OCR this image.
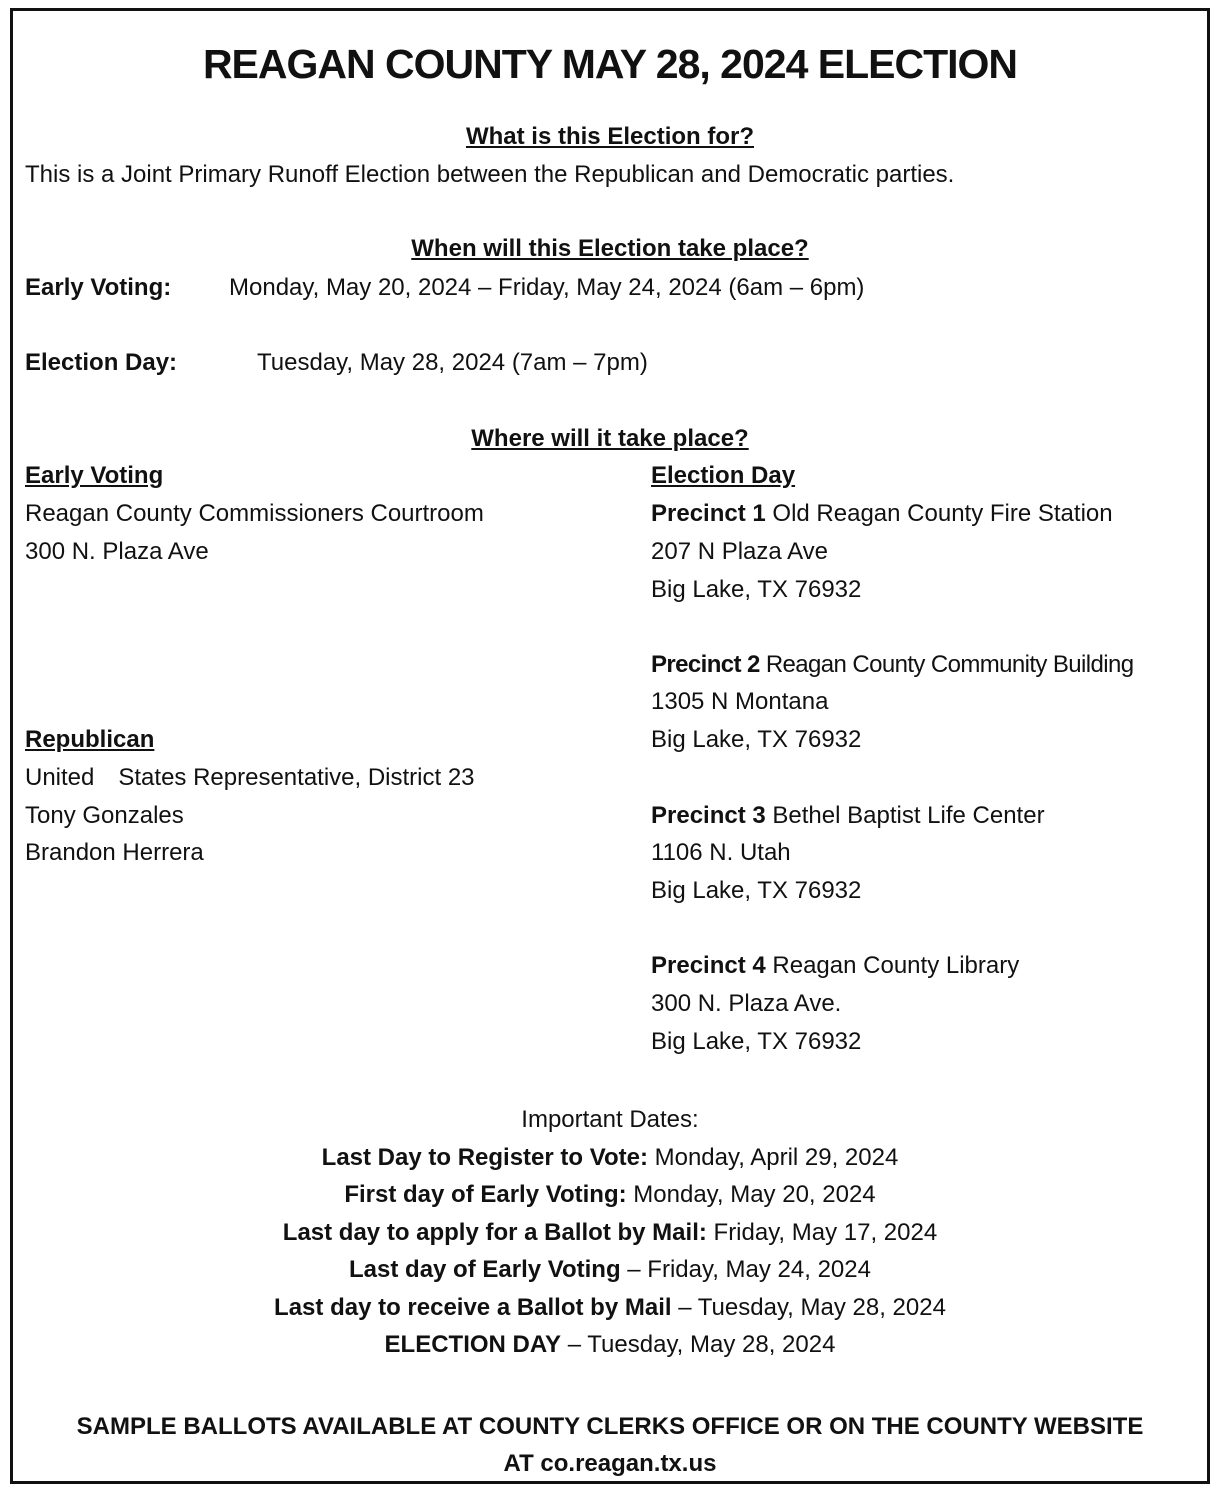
REAGAN COUNTY MAY 28, 2024 ELECTION
What is this Election for?
This is a Joint Primary Runoff Election between the Republican and Democratic parties.
When will this Election take place?
Early Voting: Monday, May 20, 2024 – Friday, May 24, 2024 (6am – 6pm)
Election Day:	Tuesday, May 28, 2024 (7am – 7pm)
Where will it take place?
Early Voting
Reagan County Commissioners Courtroom
300 N. Plaza Ave
Republican
United States Representative, District 23
Tony Gonzales
Brandon Herrera
Election Day
Precinct 1 Old Reagan County Fire Station
207 N Plaza Ave
Big Lake, TX 76932
Precinct 2 Reagan County Community Building
1305 N Montana
Big Lake, TX 76932
Precinct 3 Bethel Baptist Life Center
1106 N. Utah
Big Lake, TX 76932
Precinct 4 Reagan County Library
300 N. Plaza Ave.
Big Lake, TX 76932
Important Dates:
Last Day to Register to Vote: Monday, April 29, 2024
First day of Early Voting: Monday, May 20, 2024
Last day to apply for a Ballot by Mail: Friday, May 17, 2024
Last day of Early Voting – Friday, May 24, 2024
Last day to receive a Ballot by Mail – Tuesday, May 28, 2024
ELECTION DAY – Tuesday, May 28, 2024
SAMPLE BALLOTS AVAILABLE AT COUNTY CLERKS OFFICE OR ON THE COUNTY WEBSITE
AT co.reagan.tx.us
